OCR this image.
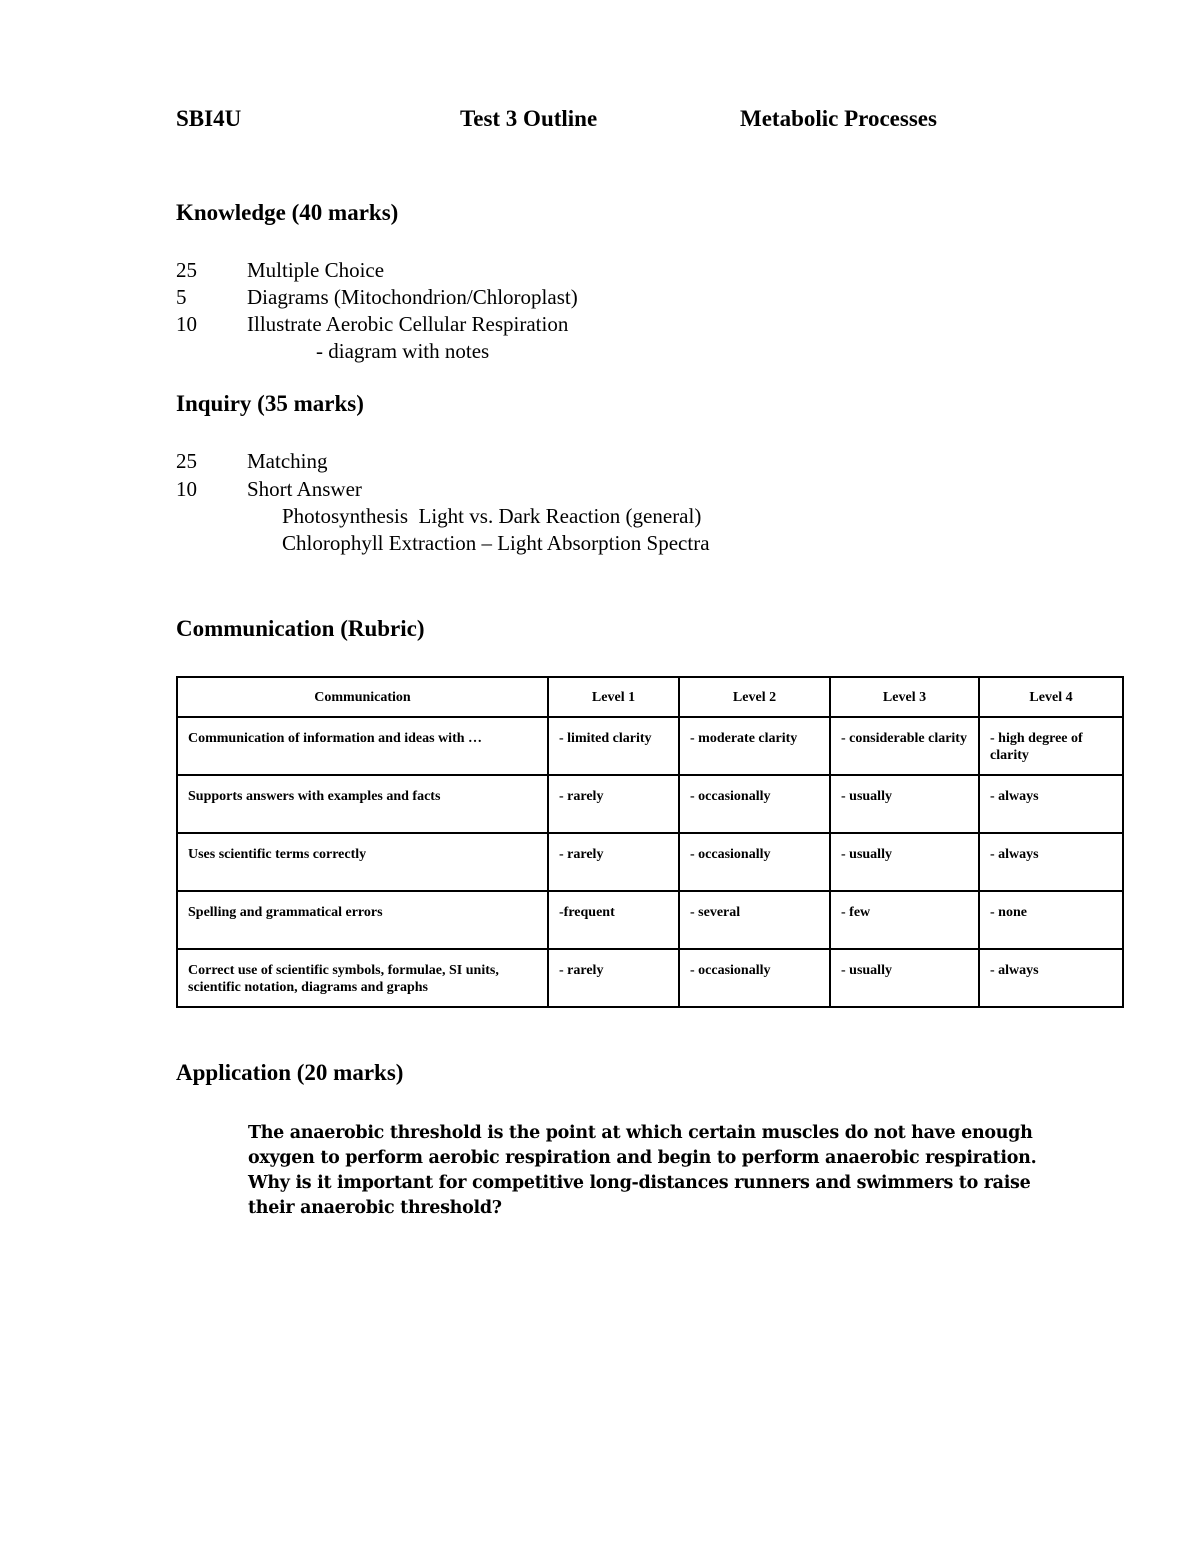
SBI4U	Test 3 Outline	Metabolic Processes
Knowledge (40 marks)
25 Multiple Choice
5	Diagrams (Mitochondrion/Chloroplast)
10 Illustrate Aerobic Cellular Respiration
- diagram with notes
Inquiry (35 marks)
25 Matching
10 Short Answer
Photosynthesis  Light vs. Dark Reaction (general)
Chlorophyll Extraction – Light Absorption Spectra
Communication (Rubric)
Communication	Level 1	Level 2	Level 3	Level 4
Communication of information and ideas with …	- limited clarity	- moderate clarity	- considerable clarity	- high degree of clarity
Supports answers with examples and facts	- rarely	- occasionally	- usually	- always
Uses scientific terms correctly	- rarely	- occasionally	- usually	- always
Spelling and grammatical errors	-frequent	- several	- few	- none
Correct use of scientific symbols, formulae, SI units, scientific notation, diagrams and graphs	- rarely	- occasionally	- usually	- always
Application (20 marks)
The anaerobic threshold is the point at which certain muscles do not have enough oxygen to perform aerobic respiration and begin to perform anaerobic respiration. Why is it important for competitive long-distances runners and swimmers to raise their anaerobic threshold?
